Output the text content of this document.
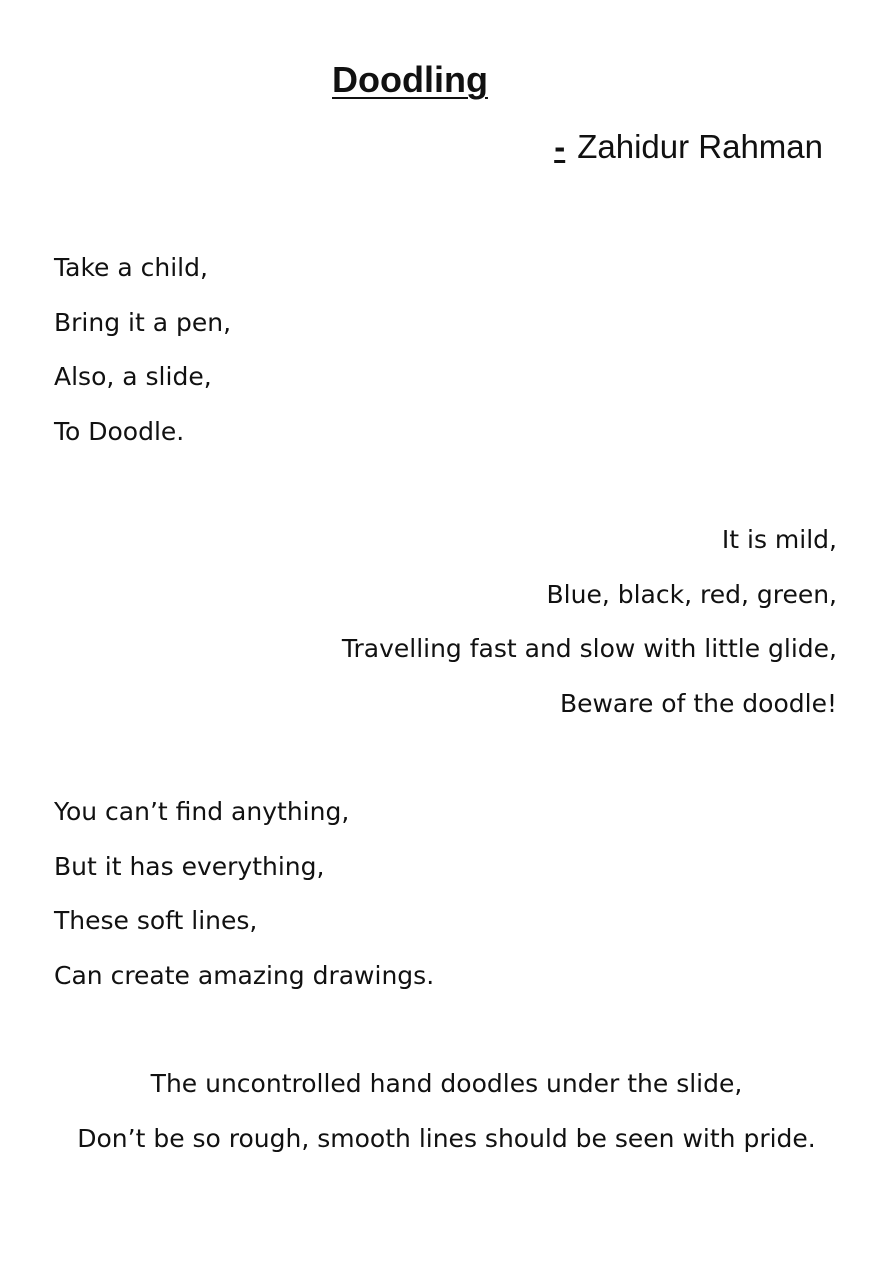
Doodling
- Zahidur Rahman
Take a child,
Bring it a pen,
Also, a slide,
To Doodle.
It is mild,
Blue, black, red, green,
Travelling fast and slow with little glide,
Beware of the doodle!
You can’t find anything,
But it has everything,
These soft lines,
Can create amazing drawings.
The uncontrolled hand doodles under the slide,
Don’t be so rough, smooth lines should be seen with pride.
